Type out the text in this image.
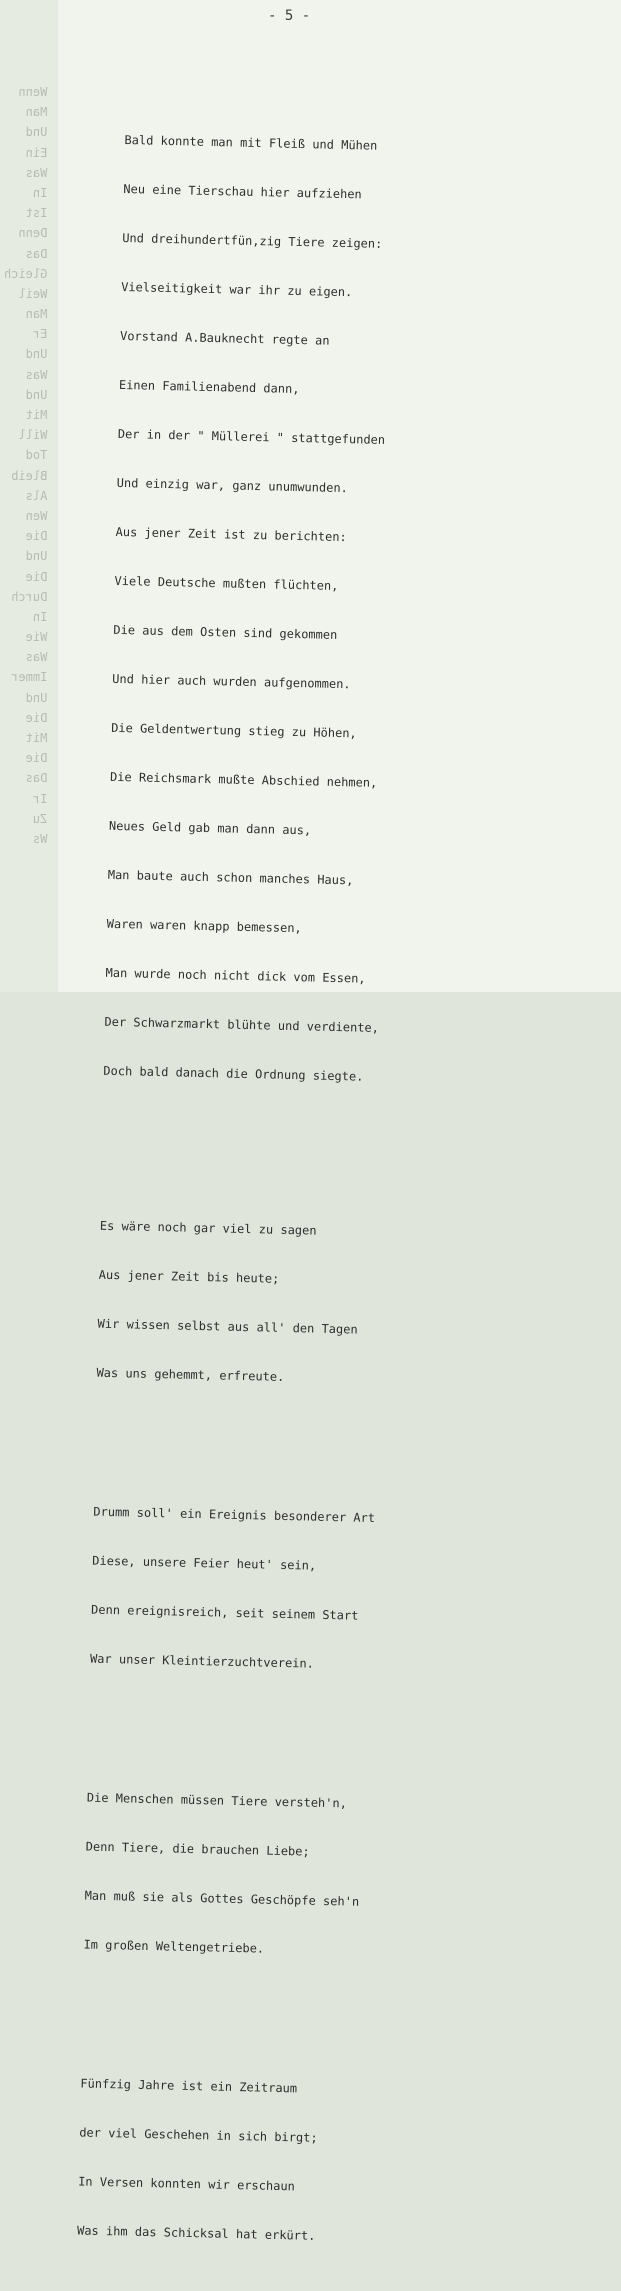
Wenn
Man
Und
Ein
Was
In
Ist
Denn
Das
Gleich
Weil
Man
Er
Und
Was
Und
Mit
Will
Tod
Bleib
Als
Wen
Die
Und
Die
Durch
In
Wie
Was
Immer
Und
Die
Mit
Die
Das
Ir
Zu
Ws
- 5 -

Bald konnte man mit Fleiß und Mühen

Neu eine Tierschau hier aufziehen

Und dreihundertfün,zig Tiere zeigen:

Vielseitigkeit war ihr zu eigen.

Vorstand A.Bauknecht regte an

Einen Familienabend dann,

Der in der " Müllerei " stattgefunden

Und einzig war, ganz unumwunden.

Aus jener Zeit ist zu berichten:

Viele Deutsche mußten flüchten,

Die aus dem Osten sind gekommen

Und hier auch wurden aufgenommen.

Die Geldentwertung stieg zu Höhen,

Die Reichsmark mußte Abschied nehmen,

Neues Geld gab man dann aus,

Man baute auch schon manches Haus,

Waren waren knapp bemessen,

Man wurde noch nicht dick vom Essen,

Der Schwarzmarkt blühte und verdiente,

Doch bald danach die Ordnung siegte.

Es wäre noch gar viel zu sagen

Aus jener Zeit bis heute;

Wir wissen selbst aus all' den Tagen

Was uns gehemmt, erfreute.

Drumm soll' ein Ereignis besonderer Art

Diese, unsere Feier heut' sein,

Denn ereignisreich, seit seinem Start

War unser Kleintierzuchtverein.

Die Menschen müssen Tiere versteh'n,

Denn Tiere, die brauchen Liebe;

Man muß sie als Gottes Geschöpfe seh'n

Im großen Weltengetriebe.

Fünfzig Jahre ist ein Zeitraum

der viel Geschehen in sich birgt;

In Versen konnten wir erschaun

Was ihm das Schicksal hat erkürt.
